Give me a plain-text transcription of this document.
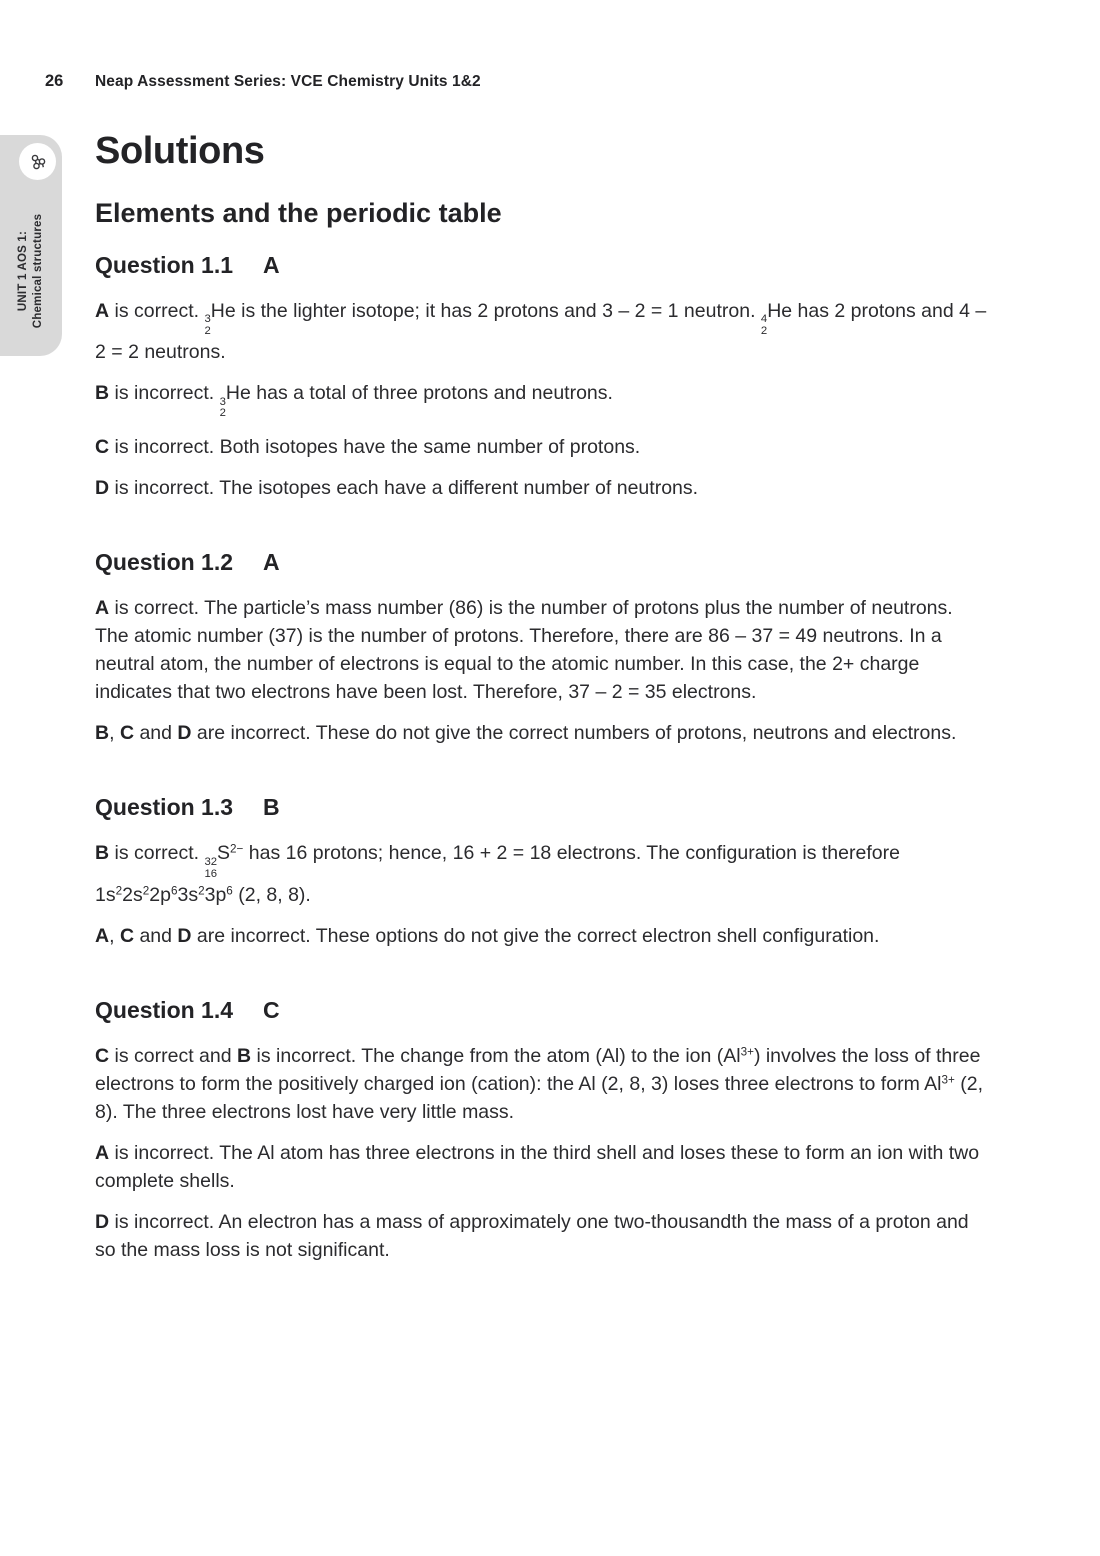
26	Neap Assessment Series: VCE Chemistry Units 1&2
UNIT 1 AOS 1: Chemical structures
Solutions
Elements and the periodic table
Question 1.1 A

A is correct. 3
2
He is the lighter isotope; it has 2 protons and 3 – 2 = 1 neutron. 4
2
He has 2 protons and 4 – 2 = 2 neutrons.

B is incorrect. 3
2
He has a total of three protons and neutrons.

C is incorrect. Both isotopes have the same number of protons.

D is incorrect. The isotopes each have a different number of neutrons.

Question 1.2 A

A is correct. The particle’s mass number (86) is the number of protons plus the number of neutrons. The atomic number (37) is the number of protons. Therefore, there are 86 – 37 = 49 neutrons. In a neutral atom, the number of electrons is equal to the atomic number. In this case, the 2+ charge indicates that two electrons have been lost. Therefore, 37 – 2 = 35 electrons.

B, C and D are incorrect. These do not give the correct numbers of protons, neutrons and electrons.

Question 1.3 B

B is correct. 32
16
$S^{2-}$ has 16 protons; hence, 16 + 2 = 18 electrons. The configuration is therefore $1s^22s^22p^63s^23p^6$ (2, 8, 8).

A, C and D are incorrect. These options do not give the correct electron shell configuration.

Question 1.4 C

C is correct and B is incorrect. The change from the atom (Al) to the ion $(Al^{3+})$ involves the loss of three electrons to form the positively charged ion (cation): the Al (2, 8, 3) loses three electrons to form $Al^{3+}$ (2, 8). The three electrons lost have very little mass.

A is incorrect. The Al atom has three electrons in the third shell and loses these to form an ion with two complete shells.

D is incorrect. An electron has a mass of approximately one two-thousandth the mass of a proton and so the mass loss is not significant.
